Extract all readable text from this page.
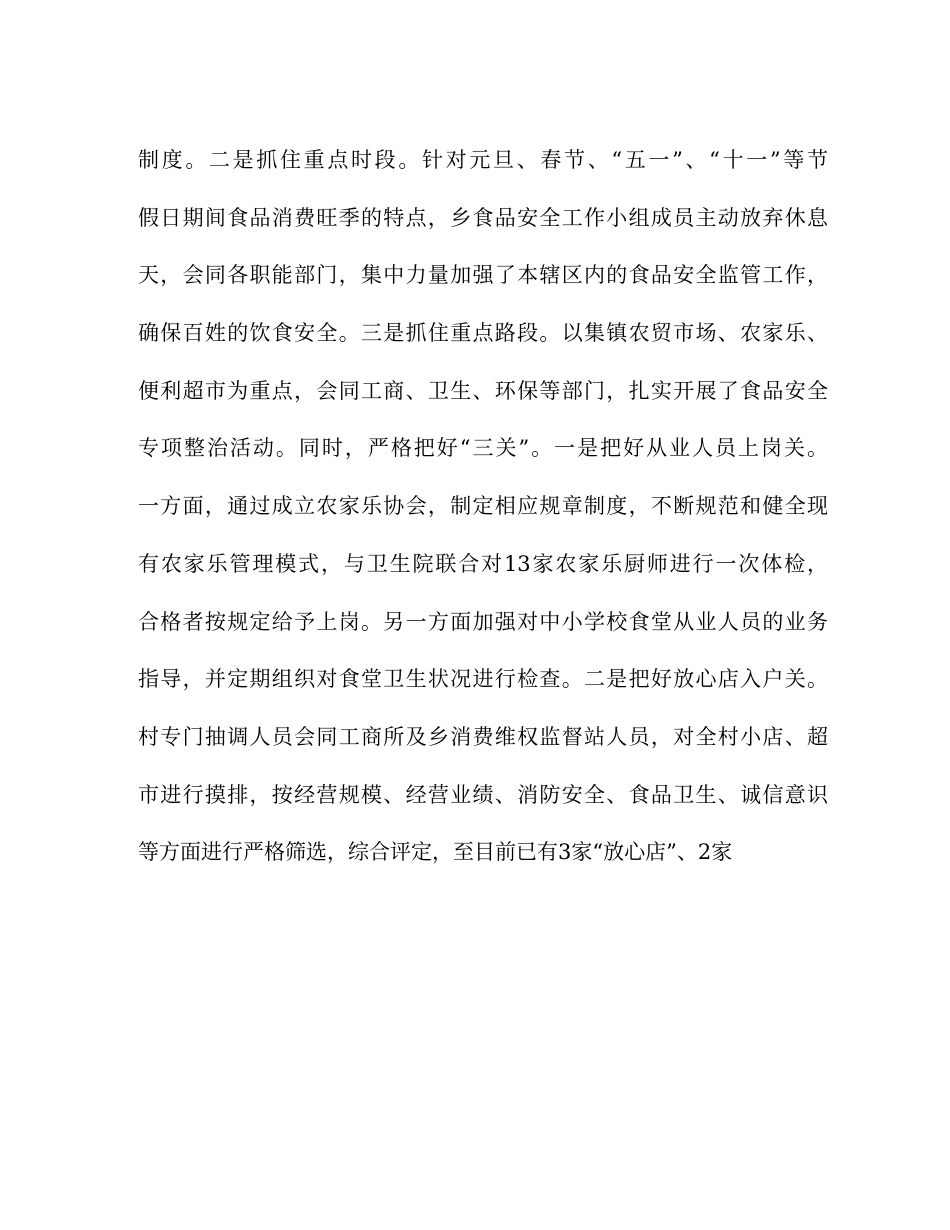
制度。二是抓住重点时段。针对元旦、春节、“五一”、“十一”等节
假日期间食品消费旺季的特点，乡食品安全工作小组成员主动放弃休息
天，会同各职能部门，集中力量加强了本辖区内的食品安全监管工作，
确保百姓的饮食安全。三是抓住重点路段。以集镇农贸市场、农家乐、
便利超市为重点，会同工商、卫生、环保等部门，扎实开展了食品安全
专项整治活动。同时，严格把好“三关”。一是把好从业人员上岗关。
一方面，通过成立农家乐协会，制定相应规章制度，不断规范和健全现
有农家乐管理模式，与卫生院联合对13家农家乐厨师进行一次体检，
合格者按规定给予上岗。另一方面加强对中小学校食堂从业人员的业务
指导，并定期组织对食堂卫生状况进行检查。二是把好放心店入户关。
村专门抽调人员会同工商所及乡消费维权监督站人员，对全村小店、超
市进行摸排，按经营规模、经营业绩、消防安全、食品卫生、诚信意识
等方面进行严格筛选，综合评定，至目前已有3家“放心店”、2家
